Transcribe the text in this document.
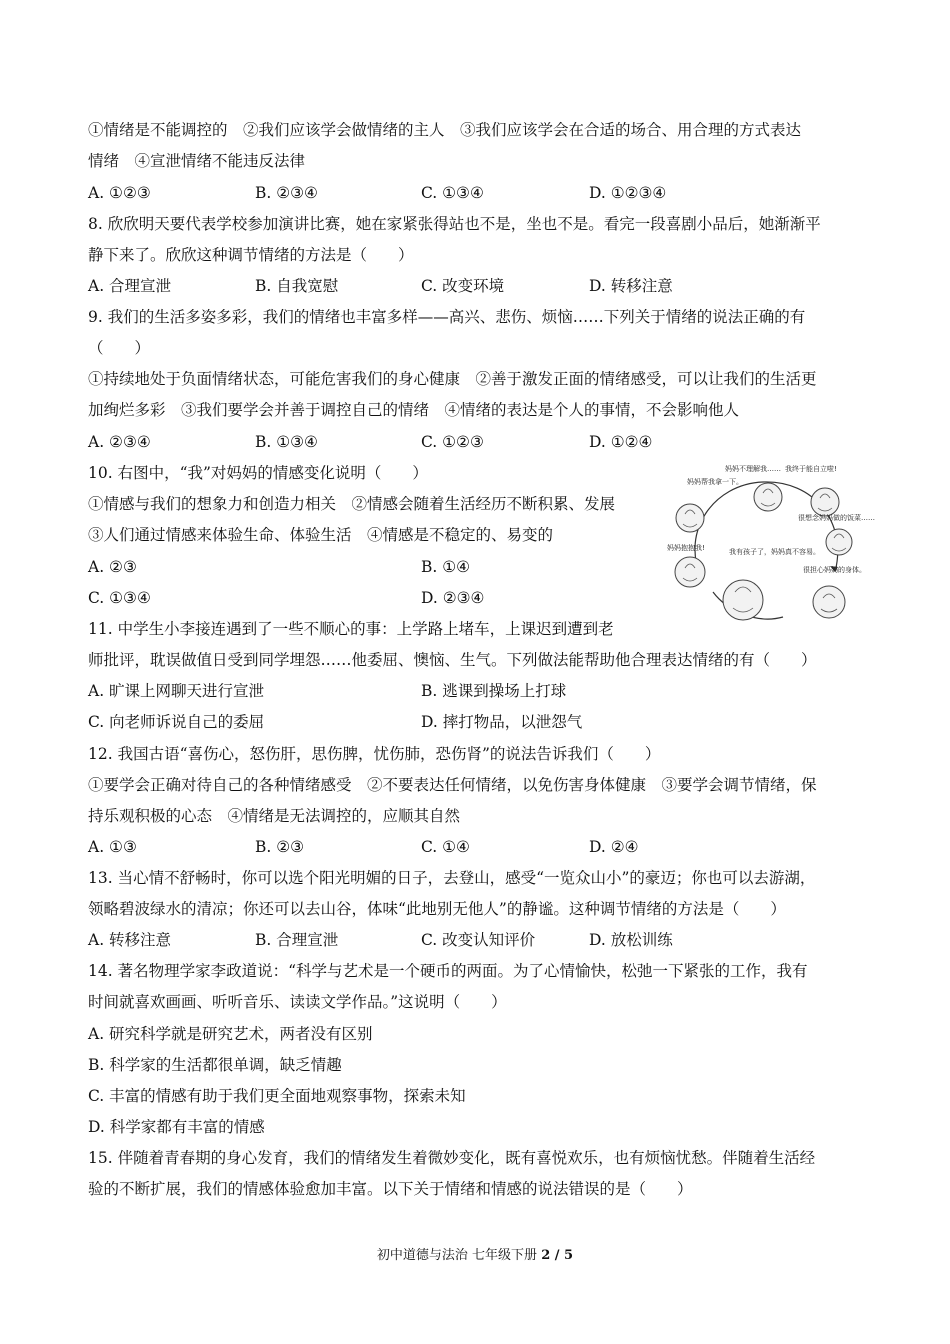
①情绪是不能调控的　②我们应该学会做情绪的主人　③我们应该学会在合适的场合、用合理的方式表达
情绪　④宣泄情绪不能违反法律
A. ①②③	B. ②③④	C. ①③④	D. ①②③④
8. 欣欣明天要代表学校参加演讲比赛，她在家紧张得站也不是，坐也不是。看完一段喜剧小品后，她渐渐平
静下来了。欣欣这种调节情绪的方法是（　　）
A. 合理宣泄	B. 自我宽慰	C. 改变环境	D. 转移注意
9. 我们的生活多姿多彩，我们的情绪也丰富多样——高兴、悲伤、烦恼……下列关于情绪的说法正确的有
（　　）
①持续地处于负面情绪状态，可能危害我们的身心健康　②善于激发正面的情绪感受，可以让我们的生活更
加绚烂多彩　③我们要学会并善于调控自己的情绪　④情绪的表达是个人的事情，不会影响他人
A. ②③④	B. ①③④	C. ①②③	D. ①②④
10. 右图中，“我”对妈妈的情感变化说明（　　）
①情感与我们的想象力和创造力相关　②情感会随着生活经历不断积累、发展
③人们通过情感来体验生命、体验生活　④情感是不稳定的、易变的
A. ②③	B. ①④
C. ①③④	D. ②③④
妈妈不理解我…… 我终于能自立啦!
妈妈帮我拿一下。
很想念妈妈做的饭菜……
妈妈抱抱我!	我有孩子了，妈妈真不容易。
很担心妈妈的身体。
11. 中学生小李接连遇到了一些不顺心的事：上学路上堵车，上课迟到遭到老
师批评，耽误做值日受到同学埋怨……他委屈、懊恼、生气。下列做法能帮助他合理表达情绪的有（　　）
A. 旷课上网聊天进行宣泄	B. 逃课到操场上打球
C. 向老师诉说自己的委屈	D. 摔打物品，以泄怨气
12. 我国古语“喜伤心，怒伤肝，思伤脾，忧伤肺，恐伤肾”的说法告诉我们（　　）
①要学会正确对待自己的各种情绪感受　②不要表达任何情绪，以免伤害身体健康　③要学会调节情绪，保
持乐观积极的心态　④情绪是无法调控的，应顺其自然
A. ①③	B. ②③	C. ①④	D. ②④
13. 当心情不舒畅时，你可以选个阳光明媚的日子，去登山，感受“一览众山小”的豪迈；你也可以去游湖，
领略碧波绿水的清凉；你还可以去山谷，体味“此地别无他人”的静谧。这种调节情绪的方法是（　　）
A. 转移注意	B. 合理宣泄	C. 改变认知评价	D. 放松训练
14. 著名物理学家李政道说：“科学与艺术是一个硬币的两面。为了心情愉快，松弛一下紧张的工作，我有
时间就喜欢画画、听听音乐、读读文学作品。”这说明（　　）
A. 研究科学就是研究艺术，两者没有区别
B. 科学家的生活都很单调，缺乏情趣
C. 丰富的情感有助于我们更全面地观察事物，探索未知
D. 科学家都有丰富的情感
15. 伴随着青春期的身心发育，我们的情绪发生着微妙变化，既有喜悦欢乐，也有烦恼忧愁。伴随着生活经
验的不断扩展，我们的情感体验愈加丰富。以下关于情绪和情感的说法错误的是（　　）
初中道德与法治 七年级下册 2 / 5
